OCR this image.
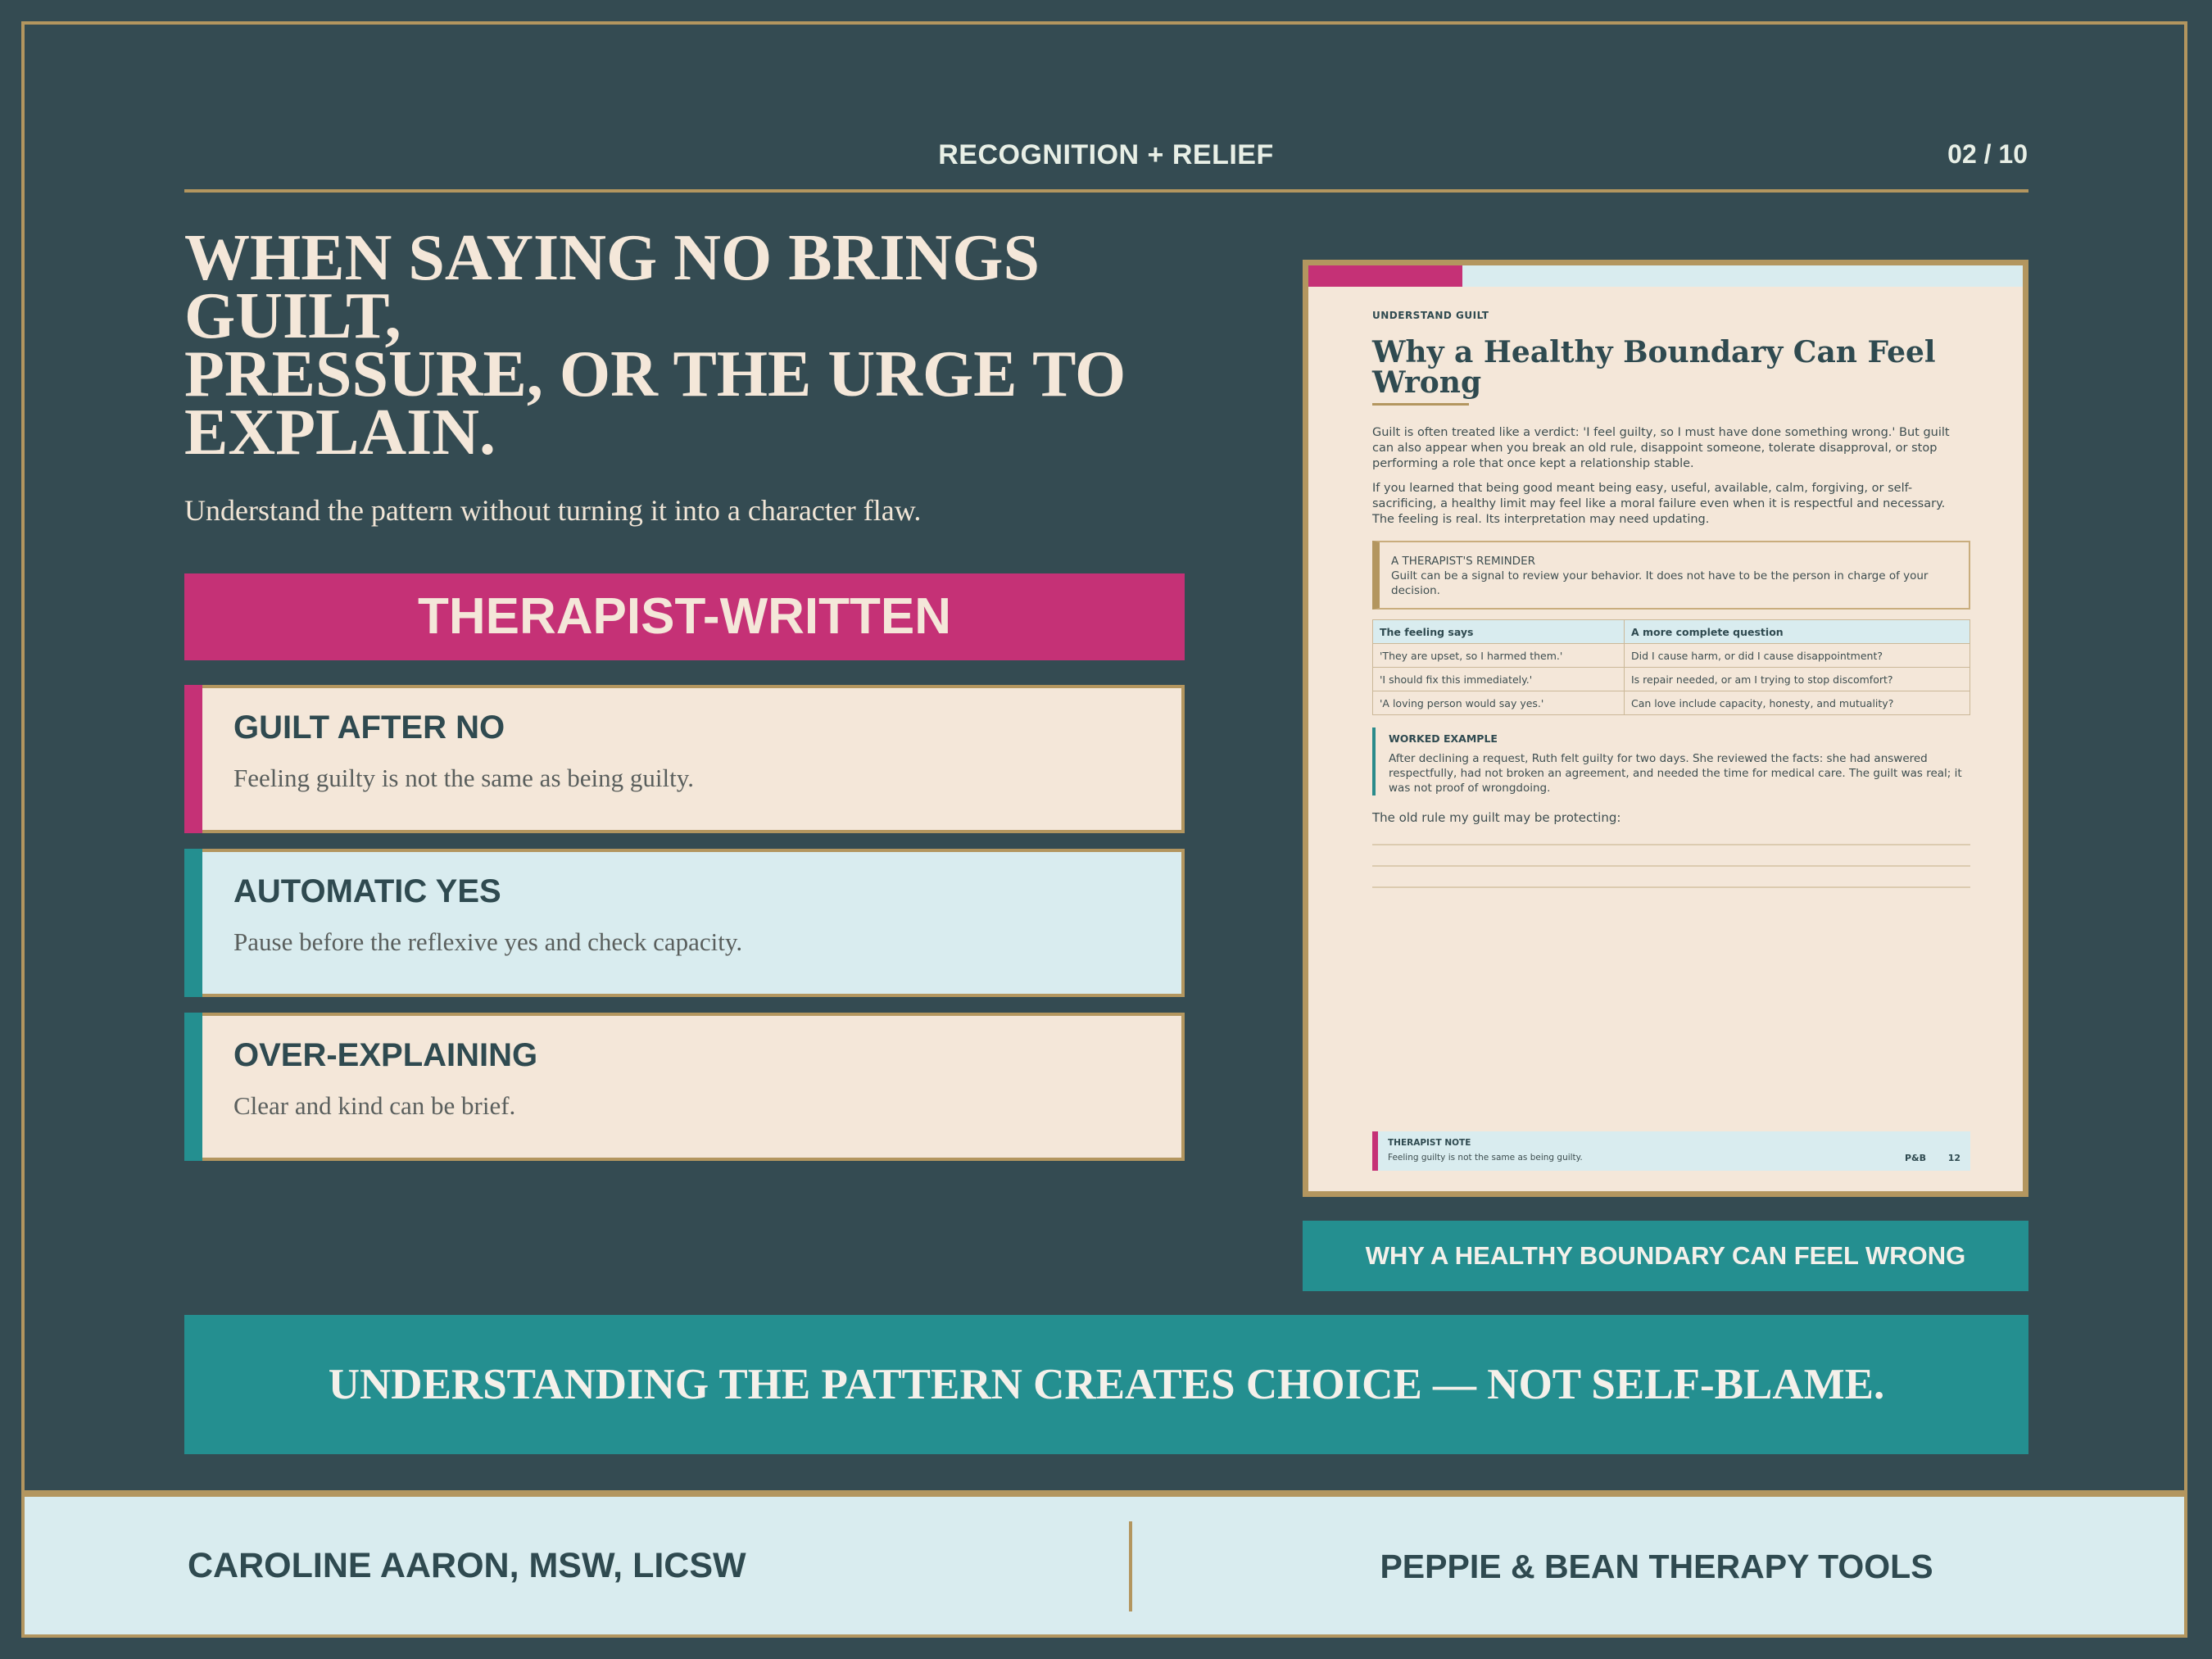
RECOGNITION + RELIEF	02 / 10
WHEN SAYING NO BRINGS GUILT,
PRESSURE, OR THE URGE TO EXPLAIN.

Understand the pattern without turning it into a character flaw.

THERAPIST-WRITTEN
GUILT AFTER NO

Feeling guilty is not the same as being guilty.

AUTOMATIC YES

Pause before the reflexive yes and check capacity.

OVER-EXPLAINING

Clear and kind can be brief.

UNDERSTAND GUILT
Why a Healthy Boundary Can Feel Wrong

Guilt is often treated like a verdict: 'I feel guilty, so I must have done something wrong.' But guilt can also appear when you break an old rule, disappoint someone, tolerate disapproval, or stop performing a role that once kept a relationship stable.

If you learned that being good meant being easy, useful, available, calm, forgiving, or self-sacrificing, a healthy limit may feel like a moral failure even when it is respectful and necessary. The feeling is real. Its interpretation may need updating.

A THERAPIST'S REMINDER
Guilt can be a signal to review your behavior. It does not have to be the person in charge of your decision.
The feeling says	A more complete question
'They are upset, so I harmed them.'	Did I cause harm, or did I cause disappointment?
'I should fix this immediately.'	Is repair needed, or am I trying to stop discomfort?
'A loving person would say yes.'	Can love include capacity, honesty, and mutuality?

WORKED EXAMPLE

After declining a request, Ruth felt guilty for two days. She reviewed the facts: she had answered respectfully, had not broken an agreement, and needed the time for medical care. The guilt was real; it was not proof of wrongdoing.

The old rule my guilt may be protecting:

THERAPIST NOTE
Feeling guilty is not the same as being guilty.	P&B	12
WHY A HEALTHY BOUNDARY CAN FEEL WRONG
UNDERSTANDING THE PATTERN CREATES CHOICE — NOT SELF-BLAME.
CAROLINE AARON, MSW, LICSW	PEPPIE & BEAN THERAPY TOOLS
